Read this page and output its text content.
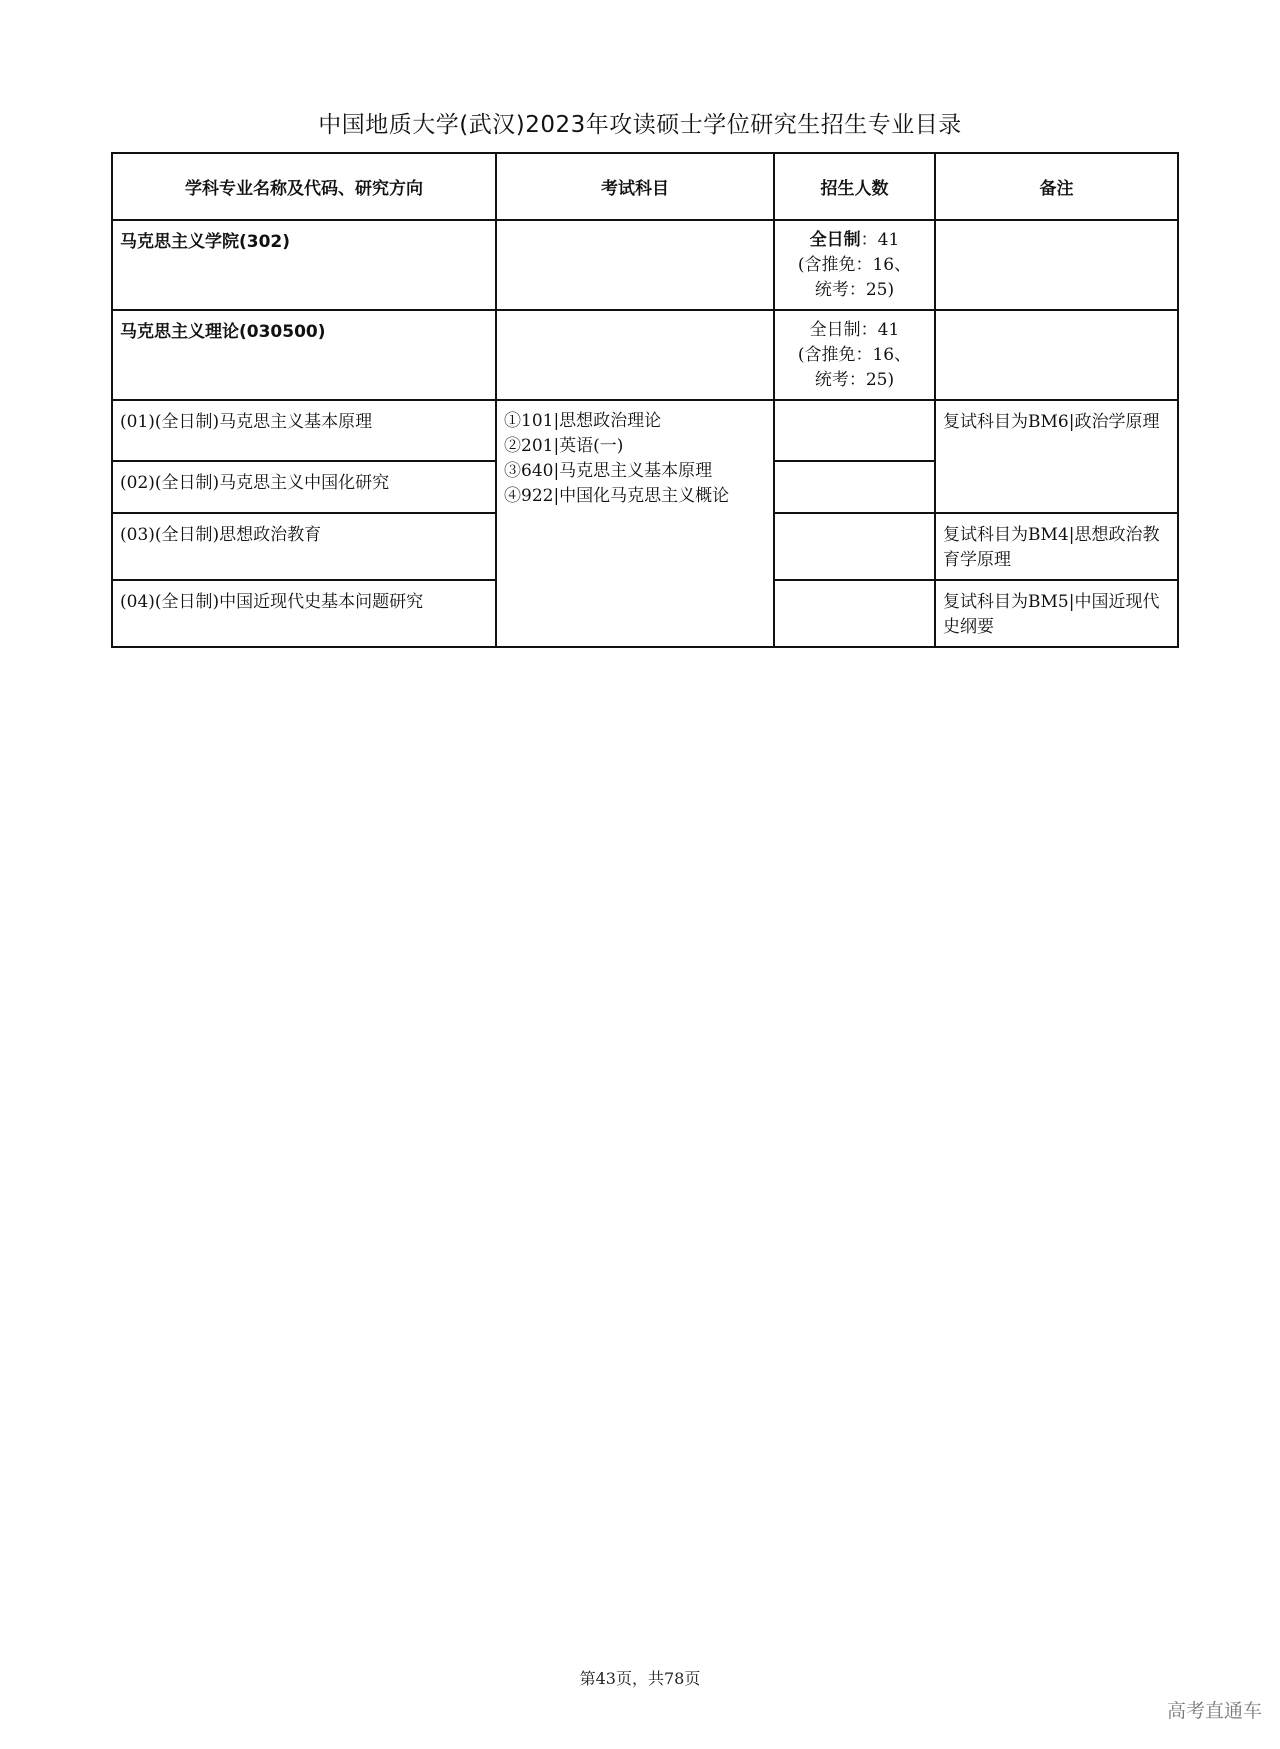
中国地质大学(武汉)2023年攻读硕士学位研究生招生专业目录
学科专业名称及代码、研究方向	考试科目	招生人数	备注

马克思主义学院(302)		全日制：41
(含推免：16、
统考：25)	

马克思主义理论(030500)		全日制：41
(含推免：16、
统考：25)	

(01)(全日制)马克思主义基本原理	①101|思想政治理论
②201|英语(一)
③640|马克思主义基本原理
④922|中国化马克思主义概论		复试科目为BM6|政治学原理

(02)(全日制)马克思主义中国化研究			

(03)(全日制)思想政治教育			复试科目为BM4|思想政治教育学原理

(04)(全日制)中国近现代史基本问题研究			复试科目为BM5|中国近现代史纲要
第43页，共78页
高考直通车
